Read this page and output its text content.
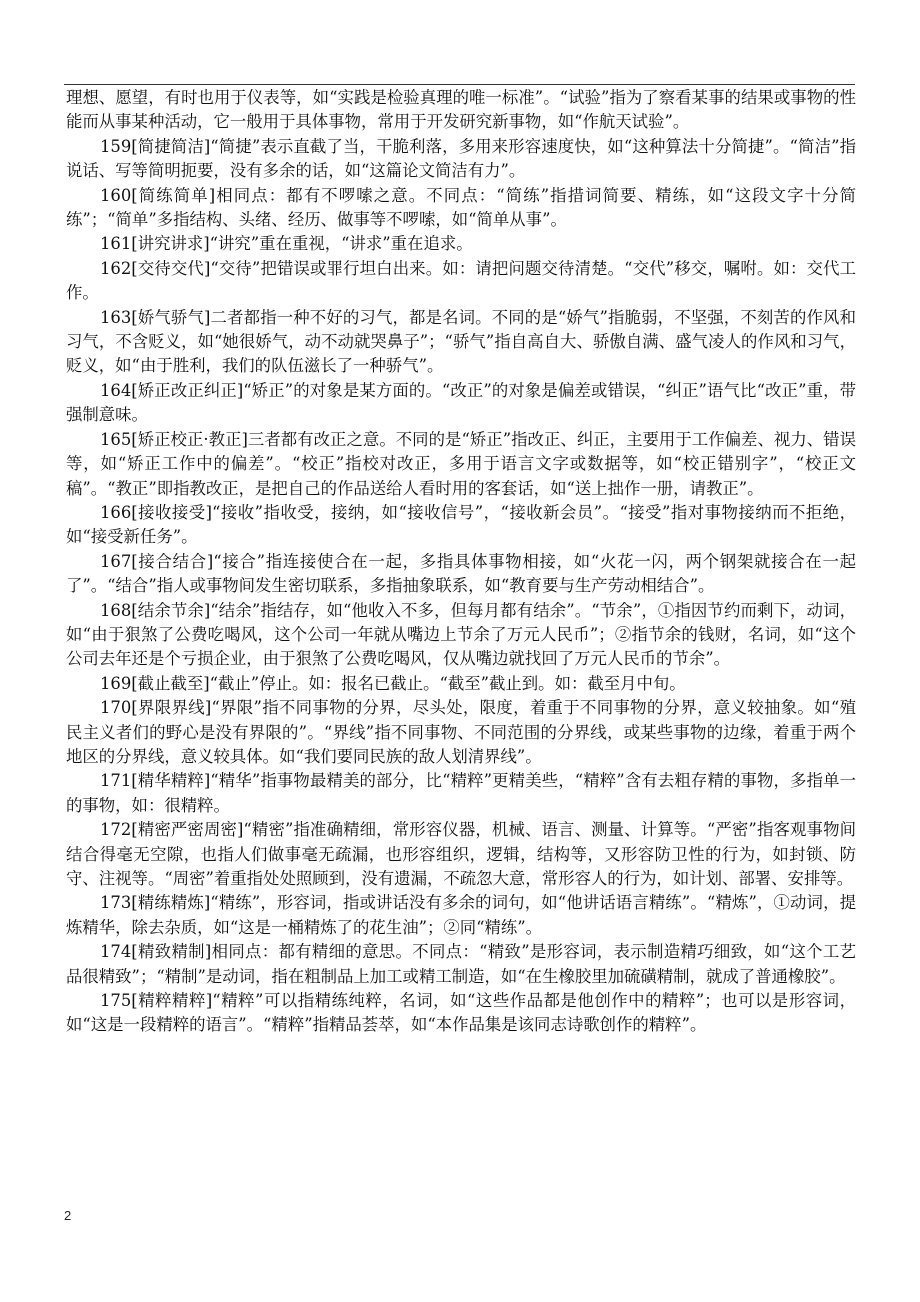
理想、愿望，有时也用于仪表等，如“实践是检验真理的唯一标准”。“试验”指为了察看某事的结果或事物的性能而从事某种活动，它一般用于具体事物，常用于开发研究新事物，如“作航天试验”。

159[简捷简洁]“简捷”表示直截了当，干脆利落，多用来形容速度快，如“这种算法十分简捷”。“简洁”指说话、写等简明扼要，没有多余的话，如“这篇论文简洁有力”。

160[简练简单]相同点：都有不啰嗦之意。不同点：“简练”指措词简要、精练，如“这段文字十分简练”；“简单”多指结构、头绪、经历、做事等不啰嗦，如“简单从事”。

161[讲究讲求]“讲究”重在重视，“讲求”重在追求。

162[交待交代]“交待”把错误或罪行坦白出来。如：请把问题交待清楚。“交代”移交，嘱咐。如：交代工作。

163[娇气骄气]二者都指一种不好的习气，都是名词。不同的是“娇气”指脆弱，不坚强，不刻苦的作风和习气，不含贬义，如“她很娇气，动不动就哭鼻子”；“骄气”指自高自大、骄傲自满、盛气凌人的作风和习气，贬义，如“由于胜利，我们的队伍滋长了一种骄气”。

164[矫正改正纠正]“矫正”的对象是某方面的。“改正”的对象是偏差或错误，“纠正”语气比“改正”重，带强制意味。

165[矫正校正·教正]三者都有改正之意。不同的是“矫正”指改正、纠正，主要用于工作偏差、视力、错误等，如“矫正工作中的偏差”。“校正”指校对改正，多用于语言文字或数据等，如“校正错别字”，“校正文稿”。“教正”即指教改正，是把自己的作品送给人看时用的客套话，如“送上拙作一册，请教正”。

166[接收接受]“接收”指收受，接纳，如“接收信号”，“接收新会员”。“接受”指对事物接纳而不拒绝，如“接受新任务”。

167[接合结合]“接合”指连接使合在一起，多指具体事物相接，如“火花一闪，两个钢架就接合在一起了”。“结合”指人或事物间发生密切联系，多指抽象联系，如“教育要与生产劳动相结合”。

168[结余节余]“结余”指结存，如“他收入不多，但每月都有结余”。“节余”，①指因节约而剩下，动词，如“由于狠煞了公费吃喝风，这个公司一年就从嘴边上节余了万元人民币”；②指节余的钱财，名词，如“这个公司去年还是个亏损企业，由于狠煞了公费吃喝风，仅从嘴边就找回了万元人民币的节余”。

169[截止截至]“截止”停止。如：报名已截止。“截至”截止到。如：截至月中旬。

170[界限界线]“界限”指不同事物的分界，尽头处，限度，着重于不同事物的分界，意义较抽象。如“殖民主义者们的野心是没有界限的”。“界线”指不同事物、不同范围的分界线，或某些事物的边缘，着重于两个地区的分界线，意义较具体。如“我们要同民族的敌人划清界线”。

171[精华精粹]“精华”指事物最精美的部分，比“精粹”更精美些，“精粹”含有去粗存精的事物，多指单一的事物，如：很精粹。

172[精密严密周密]“精密”指准确精细，常形容仪器，机械、语言、测量、计算等。“严密”指客观事物间结合得毫无空隙，也指人们做事毫无疏漏，也形容组织，逻辑，结构等，又形容防卫性的行为，如封锁、防守、注视等。“周密”着重指处处照顾到，没有遗漏，不疏忽大意，常形容人的行为，如计划、部署、安排等。

173[精练精炼]“精练”，形容词，指或讲话没有多余的词句，如“他讲话语言精练”。“精炼”，①动词，提炼精华，除去杂质，如“这是一桶精炼了的花生油”；②同“精练”。

174[精致精制]相同点：都有精细的意思。不同点：“精致”是形容词，表示制造精巧细致，如“这个工艺品很精致”；“精制”是动词，指在粗制品上加工或精工制造，如“在生橡胶里加硫磺精制，就成了普通橡胶”。

175[精粹精粹]“精粹”可以指精练纯粹，名词，如“这些作品都是他创作中的精粹”；也可以是形容词，如“这是一段精粹的语言”。“精粹”指精品荟萃，如“本作品集是该同志诗歌创作的精粹”。

2
